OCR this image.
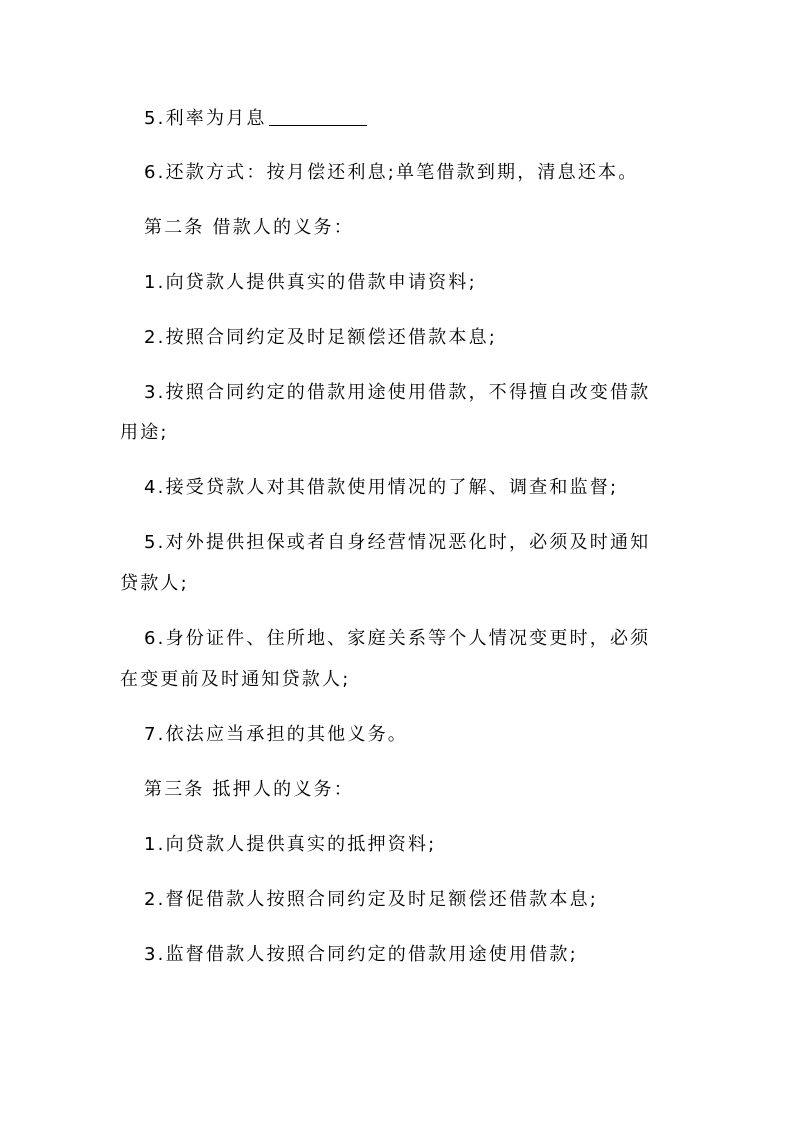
5.利率为月息

6.还款方式：按月偿还利息;单笔借款到期，清息还本。

第二条 借款人的义务：

1.向贷款人提供真实的借款申请资料;

2.按照合同约定及时足额偿还借款本息;

3.按照合同约定的借款用途使用借款，不得擅自改变借款

用途;

4.接受贷款人对其借款使用情况的了解、调查和监督;

5.对外提供担保或者自身经营情况恶化时，必须及时通知

贷款人;

6.身份证件、住所地、家庭关系等个人情况变更时，必须

在变更前及时通知贷款人;

7.依法应当承担的其他义务。

第三条 抵押人的义务：

1.向贷款人提供真实的抵押资料;

2.督促借款人按照合同约定及时足额偿还借款本息;

3.监督借款人按照合同约定的借款用途使用借款;
